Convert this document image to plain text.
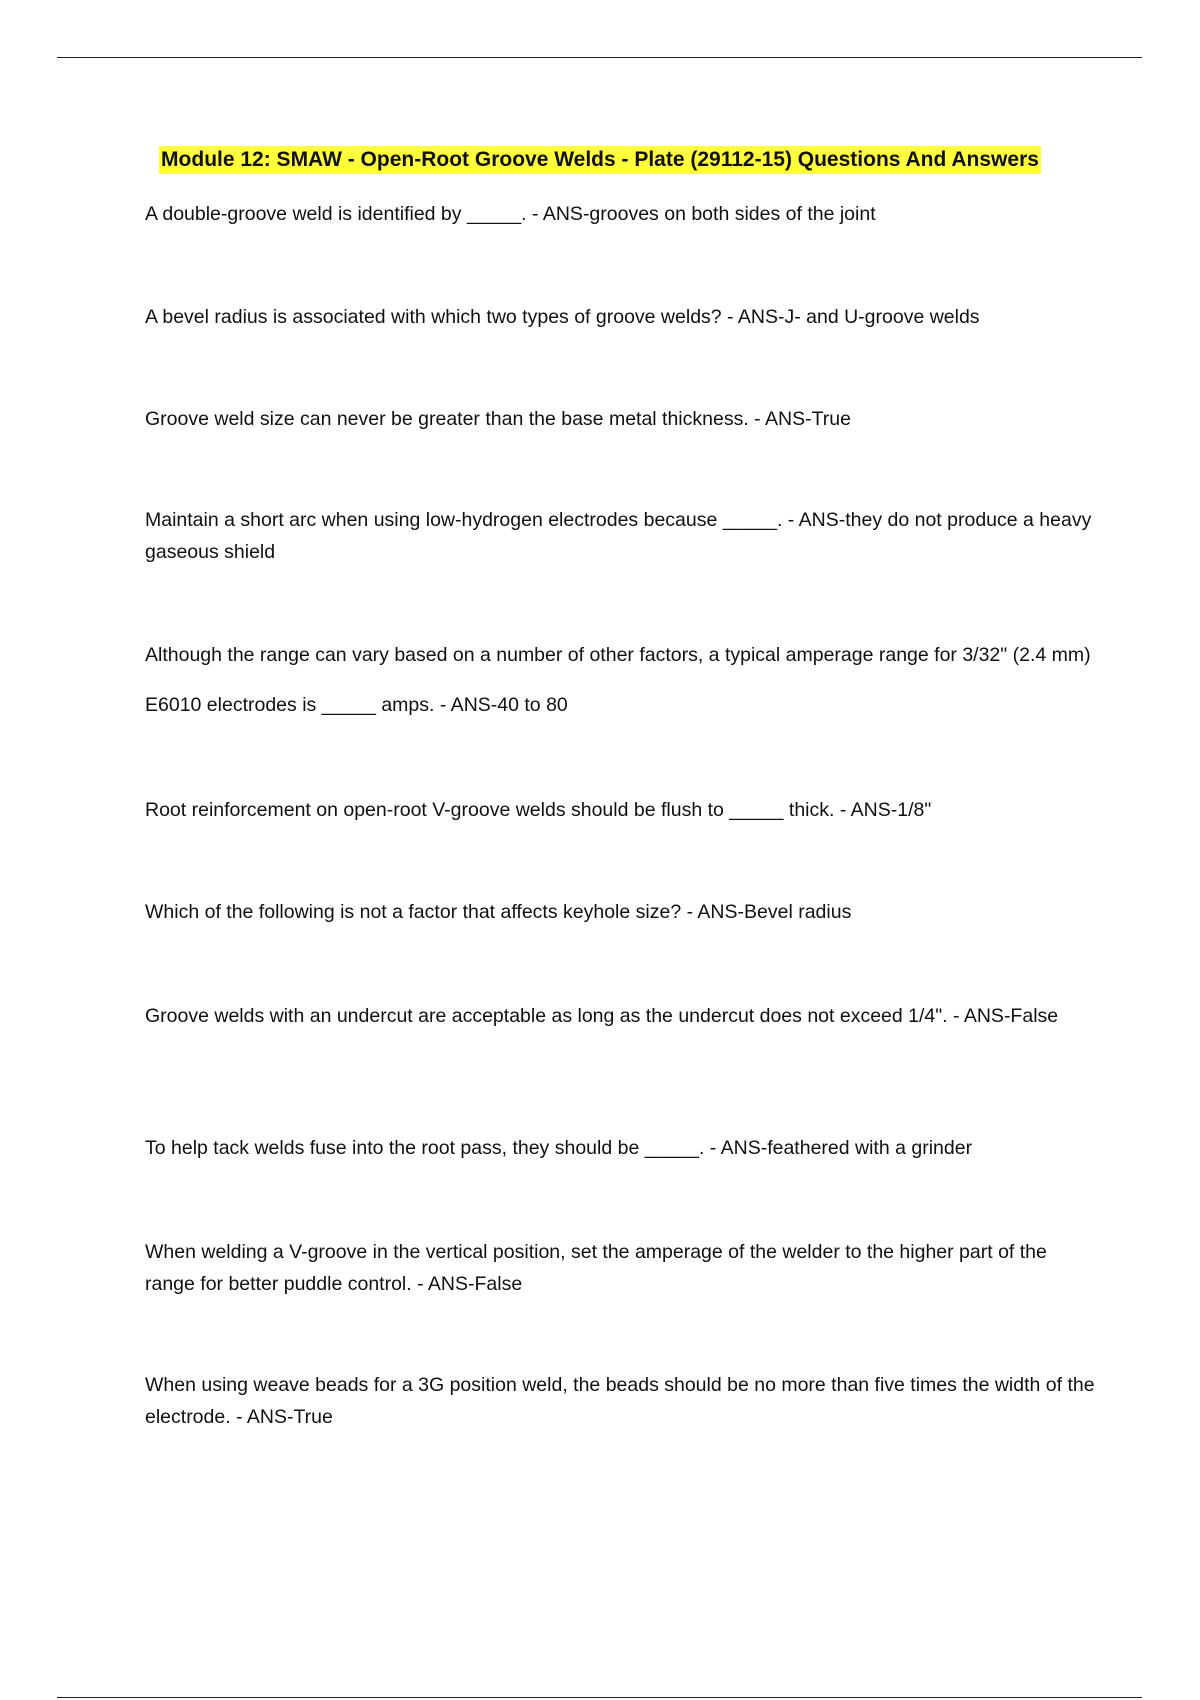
Module 12: SMAW - Open-Root Groove Welds - Plate (29112-15) Questions And Answers

A double-groove weld is identified by _____. - ANS-grooves on both sides of the joint

A bevel radius is associated with which two types of groove welds? - ANS-J- and U-groove welds

Groove weld size can never be greater than the base metal thickness. - ANS-True

Maintain a short arc when using low-hydrogen electrodes because _____. - ANS-they do not produce a heavy gaseous shield

Although the range can vary based on a number of other factors, a typical amperage range for 3/32" (2.4 mm) E6010 electrodes is _____ amps. - ANS-40 to 80

Root reinforcement on open-root V-groove welds should be flush to _____ thick. - ANS-1/8"

Which of the following is not a factor that affects keyhole size? - ANS-Bevel radius

Groove welds with an undercut are acceptable as long as the undercut does not exceed 1/4". - ANS-False

To help tack welds fuse into the root pass, they should be _____. - ANS-feathered with a grinder

When welding a V-groove in the vertical position, set the amperage of the welder to the higher part of the range for better puddle control. - ANS-False

When using weave beads for a 3G position weld, the beads should be no more than five times the width of the electrode. - ANS-True
